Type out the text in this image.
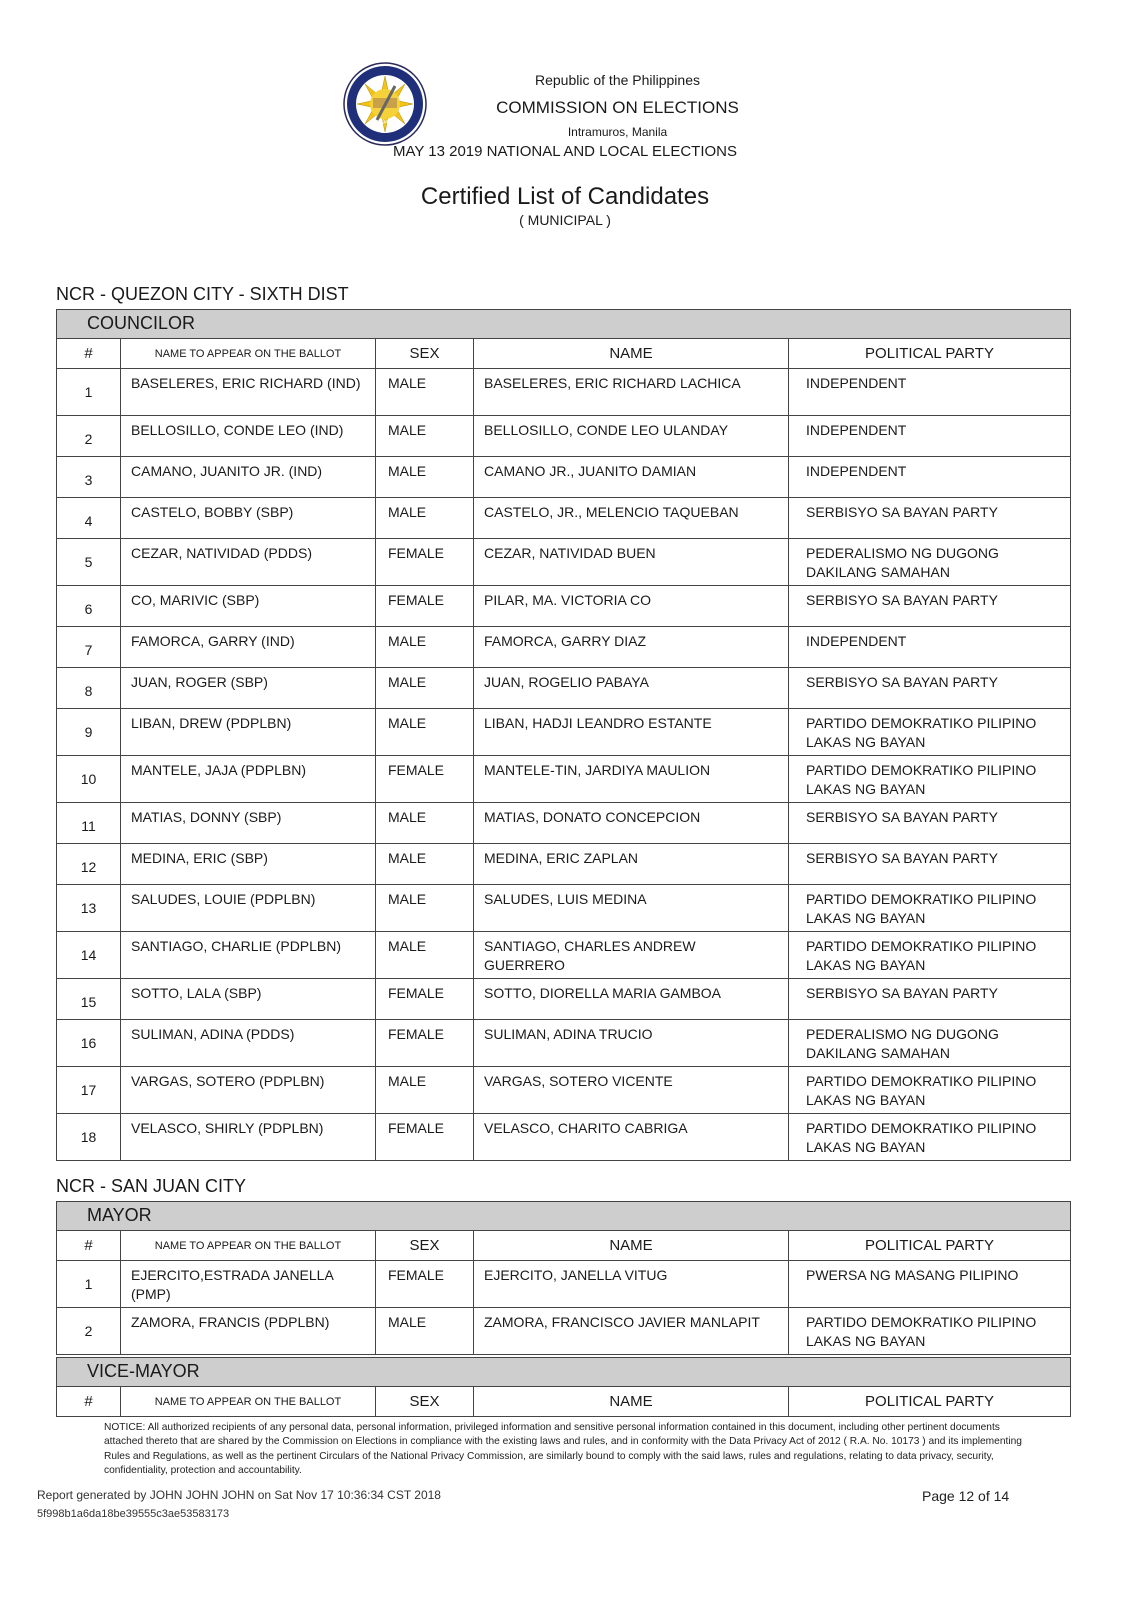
1940
Republic of the Philippines
COMMISSION ON ELECTIONS
Intramuros, Manila
MAY 13 2019 NATIONAL AND LOCAL ELECTIONS
Certified List of Candidates
( MUNICIPAL )
NCR - QUEZON CITY - SIXTH DIST
COUNCILOR				
#	NAME TO APPEAR ON THE BALLOT	SEX	NAME	POLITICAL PARTY
1	BASELERES, ERIC RICHARD (IND)	MALE	BASELERES, ERIC RICHARD LACHICA	INDEPENDENT
2	BELLOSILLO, CONDE LEO (IND)	MALE	BELLOSILLO, CONDE LEO ULANDAY	INDEPENDENT
3	CAMANO, JUANITO JR. (IND)	MALE	CAMANO JR., JUANITO DAMIAN	INDEPENDENT
4	CASTELO, BOBBY (SBP)	MALE	CASTELO, JR., MELENCIO TAQUEBAN	SERBISYO SA BAYAN PARTY
5	CEZAR, NATIVIDAD (PDDS)	FEMALE	CEZAR, NATIVIDAD BUEN	PEDERALISMO NG DUGONG DAKILANG SAMAHAN
6	CO, MARIVIC (SBP)	FEMALE	PILAR, MA. VICTORIA CO	SERBISYO SA BAYAN PARTY
7	FAMORCA, GARRY (IND)	MALE	FAMORCA, GARRY DIAZ	INDEPENDENT
8	JUAN, ROGER (SBP)	MALE	JUAN, ROGELIO PABAYA	SERBISYO SA BAYAN PARTY
9	LIBAN, DREW (PDPLBN)	MALE	LIBAN, HADJI LEANDRO ESTANTE	PARTIDO DEMOKRATIKO PILIPINO LAKAS NG BAYAN
10	MANTELE, JAJA (PDPLBN)	FEMALE	MANTELE-TIN, JARDIYA MAULION	PARTIDO DEMOKRATIKO PILIPINO LAKAS NG BAYAN
11	MATIAS, DONNY (SBP)	MALE	MATIAS, DONATO CONCEPCION	SERBISYO SA BAYAN PARTY
12	MEDINA, ERIC (SBP)	MALE	MEDINA, ERIC ZAPLAN	SERBISYO SA BAYAN PARTY
13	SALUDES, LOUIE (PDPLBN)	MALE	SALUDES, LUIS MEDINA	PARTIDO DEMOKRATIKO PILIPINO LAKAS NG BAYAN
14	SANTIAGO, CHARLIE (PDPLBN)	MALE	SANTIAGO, CHARLES ANDREW GUERRERO	PARTIDO DEMOKRATIKO PILIPINO LAKAS NG BAYAN
15	SOTTO, LALA (SBP)	FEMALE	SOTTO, DIORELLA MARIA GAMBOA	SERBISYO SA BAYAN PARTY
16	SULIMAN, ADINA (PDDS)	FEMALE	SULIMAN, ADINA TRUCIO	PEDERALISMO NG DUGONG DAKILANG SAMAHAN
17	VARGAS, SOTERO (PDPLBN)	MALE	VARGAS, SOTERO VICENTE	PARTIDO DEMOKRATIKO PILIPINO LAKAS NG BAYAN
18	VELASCO, SHIRLY (PDPLBN)	FEMALE	VELASCO, CHARITO CABRIGA	PARTIDO DEMOKRATIKO PILIPINO LAKAS NG BAYAN
NCR - SAN JUAN CITY
MAYOR				
#	NAME TO APPEAR ON THE BALLOT	SEX	NAME	POLITICAL PARTY
1	EJERCITO,ESTRADA JANELLA (PMP)	FEMALE	EJERCITO, JANELLA VITUG	PWERSA NG MASANG PILIPINO
2	ZAMORA, FRANCIS (PDPLBN)	MALE	ZAMORA, FRANCISCO JAVIER MANLAPIT	PARTIDO DEMOKRATIKO PILIPINO LAKAS NG BAYAN
VICE-MAYOR
#	NAME TO APPEAR ON THE BALLOT	SEX	NAME	POLITICAL PARTY
NOTICE: All authorized recipients of any personal data, personal information, privileged information and sensitive personal information contained in this document, including other pertinent documents attached thereto that are shared by the Commission on Elections in compliance with the existing laws and rules, and in conformity with the Data Privacy Act of 2012 ( R.A. No. 10173 ) and its implementing Rules and Regulations, as well as the pertinent Circulars of the National Privacy Commission, are similarly bound to comply with the said laws, rules and regulations, relating to data privacy, security, confidentiality, protection and accountability.
Report generated by JOHN JOHN JOHN on Sat Nov 17 10:36:34 CST 2018
5f998b1a6da18be39555c3ae53583173
Page 12 of 14
